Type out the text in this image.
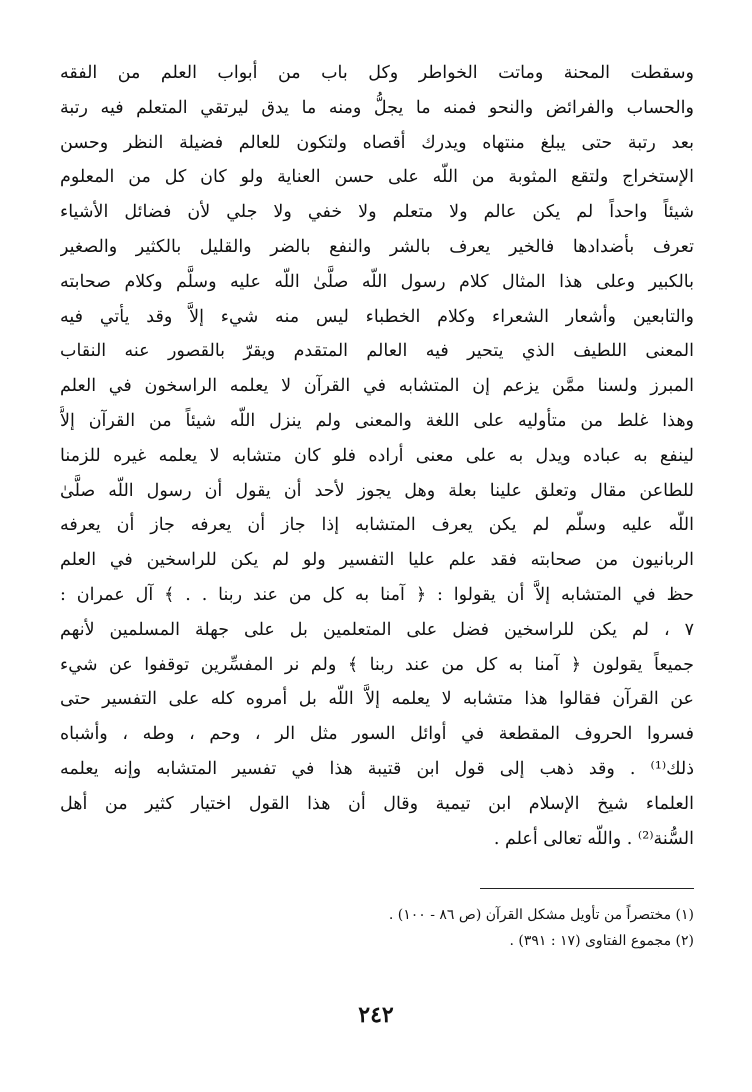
وسقطت المحنة وماتت الخواطر وكل باب من أبواب العلم من الفقه
والحساب والفرائض والنحو فمنه ما يجلُّ ومنه ما يدق ليرتقي المتعلم فيه رتبة
بعد رتبة حتى يبلغ منتهاه ويدرك أقصاه ولتكون للعالم فضيلة النظر وحسن
الإستخراج ولتقع المثوبة من اللّه على حسن العناية ولو كان كل من المعلوم
شيئاً واحداً لم يكن عالم ولا متعلم ولا خفي ولا جلي لأن فضائل الأشياء
تعرف بأضدادها فالخير يعرف بالشر والنفع بالضر والقليل بالكثير والصغير
بالكبير وعلى هذا المثال كلام رسول اللّه صلَّىٰ اللّه عليه وسلَّم وكلام صحابته
والتابعين وأشعار الشعراء وكلام الخطباء ليس منه شيء إلاَّ وقد يأتي فيه
المعنى اللطيف الذي يتحير فيه العالم المتقدم ويقرّ بالقصور عنه النقاب
المبرز ولسنا ممَّن يزعم إن المتشابه في القرآن لا يعلمه الراسخون في العلم
وهذا غلط من متأوليه على اللغة والمعنى ولم ينزل اللّه شيئاً من القرآن إلاَّ
لينفع به عباده ويدل به على معنى أراده فلو كان متشابه لا يعلمه غيره للزمنا
للطاعن مقال وتعلق علينا بعلة وهل يجوز لأحد أن يقول أن رسول اللّه صلَّىٰ
اللّه عليه وسلّم لم يكن يعرف المتشابه إذا جاز أن يعرفه جاز أن يعرفه
الربانيون من صحابته فقد علم عليا التفسير ولو لم يكن للراسخين في العلم
حظ في المتشابه إلاَّ أن يقولوا : ﴿ آمنا به كل من عند ربنا . . ﴾ آل عمران :
٧ ، لم يكن للراسخين فضل على المتعلمين بل على جهلة المسلمين لأنهم
جميعاً يقولون ﴿ آمنا به كل من عند ربنا ﴾ ولم نر المفسِّرين توقفوا عن شيء
عن القرآن فقالوا هذا متشابه لا يعلمه إلاَّ اللّه بل أمروه كله على التفسير حتى
فسروا الحروف المقطعة في أوائل السور مثل الر ، وحم ، وطه ، وأشباه
ذلك⁽¹⁾ . وقد ذهب إلى قول ابن قتيبة هذا في تفسير المتشابه وإنه يعلمه
العلماء شيخ الإسلام ابن تيمية وقال أن هذا القول اختيار كثير من أهل
السُّنة⁽²⁾ . واللّه تعالى أعلم .
(١) مختصراً من تأويل مشكل القرآن (ص ٨٦ - ١٠٠) .
(٢) مجموع الفتاوى (١٧ : ٣٩١) .
٢٤٢
